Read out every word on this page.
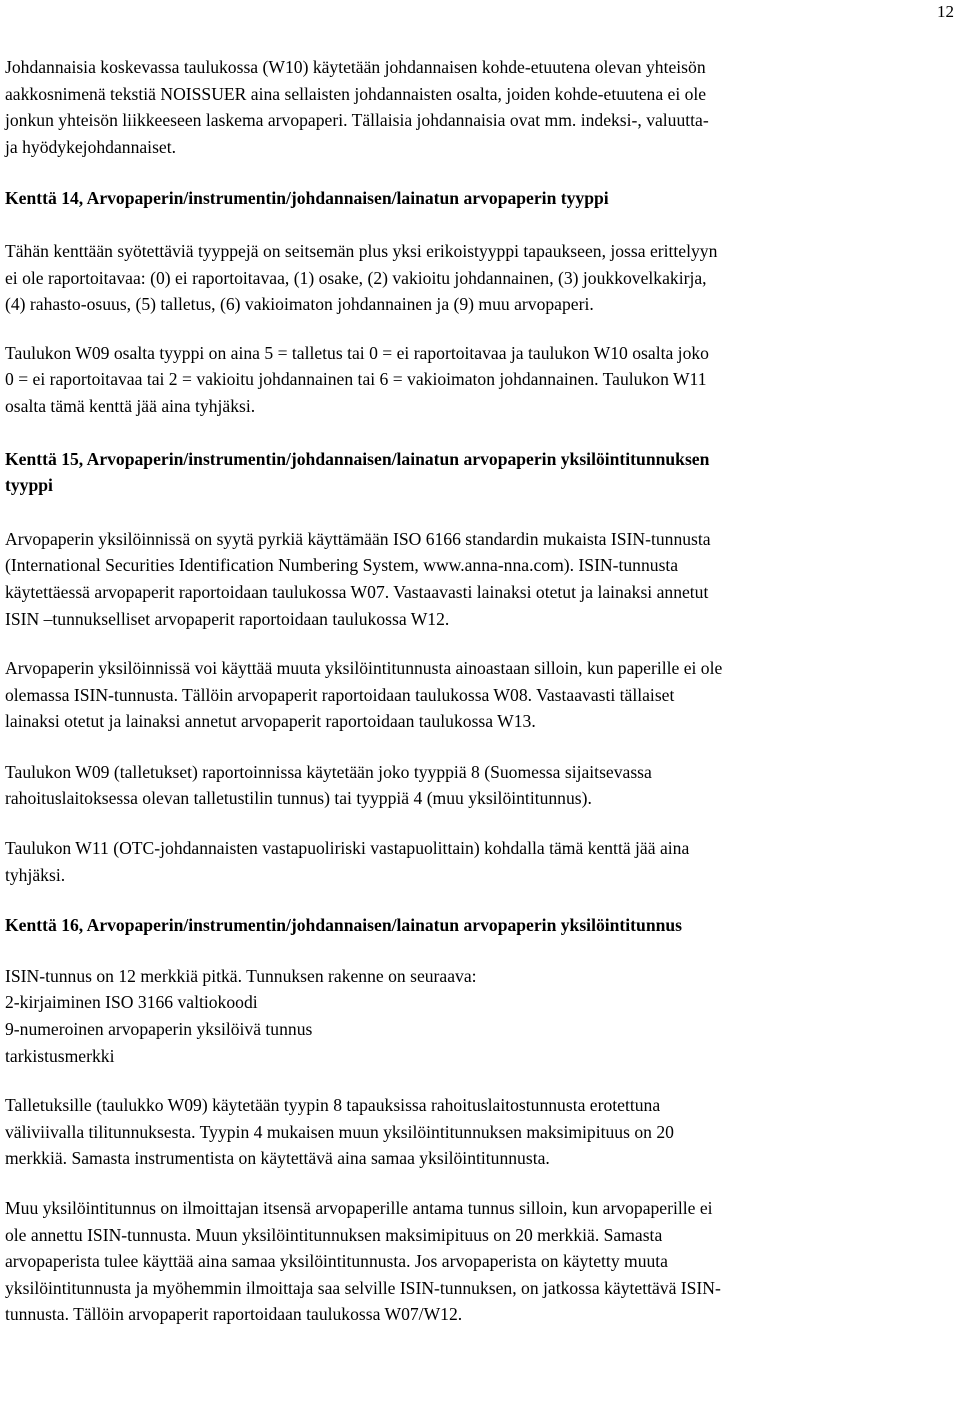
12
Johdannaisia koskevassa taulukossa (W10) käytetään johdannaisen kohde-etuutena olevan yhteisön
aakkosnimenä tekstiä NOISSUER aina sellaisten johdannaisten osalta, joiden kohde-etuutena ei ole
jonkun yhteisön liikkeeseen laskema arvopaperi. Tällaisia johdannaisia ovat mm. indeksi-, valuutta-
ja hyödykejohdannaiset.
Kenttä 14, Arvopaperin/instrumentin/johdannaisen/lainatun arvopaperin tyyppi
Tähän kenttään syötettäviä tyyppejä on seitsemän plus yksi erikoistyyppi tapaukseen, jossa erittelyyn
ei ole raportoitavaa: (0) ei raportoitavaa, (1) osake, (2) vakioitu johdannainen, (3) joukkovelkakirja,
(4) rahasto-osuus, (5) talletus, (6) vakioimaton johdannainen ja (9) muu arvopaperi.
Taulukon W09 osalta tyyppi on aina 5 = talletus tai 0 = ei raportoitavaa ja taulukon W10 osalta joko
0 = ei raportoitavaa tai 2 = vakioitu johdannainen tai 6 = vakioimaton johdannainen. Taulukon W11
osalta tämä kenttä jää aina tyhjäksi.
Kenttä 15, Arvopaperin/instrumentin/johdannaisen/lainatun arvopaperin yksilöintitunnuksen
tyyppi
Arvopaperin yksilöinnissä on syytä pyrkiä käyttämään ISO 6166 standardin mukaista ISIN-tunnusta
(International Securities Identification Numbering System, www.anna-nna.com). ISIN-tunnusta
käytettäessä arvopaperit raportoidaan taulukossa W07. Vastaavasti lainaksi otetut ja lainaksi annetut
ISIN –tunnukselliset arvopaperit raportoidaan taulukossa W12.
Arvopaperin yksilöinnissä voi käyttää muuta yksilöintitunnusta ainoastaan silloin, kun paperille ei ole
olemassa ISIN-tunnusta. Tällöin arvopaperit raportoidaan taulukossa W08. Vastaavasti tällaiset
lainaksi otetut ja lainaksi annetut arvopaperit raportoidaan taulukossa W13.
Taulukon W09 (talletukset) raportoinnissa käytetään joko tyyppiä 8 (Suomessa sijaitsevassa
rahoituslaitoksessa olevan talletustilin tunnus) tai tyyppiä 4 (muu yksilöintitunnus).
Taulukon W11 (OTC-johdannaisten vastapuoliriski vastapuolittain) kohdalla tämä kenttä jää aina
tyhjäksi.
Kenttä 16, Arvopaperin/instrumentin/johdannaisen/lainatun arvopaperin yksilöintitunnus
ISIN-tunnus on 12 merkkiä pitkä. Tunnuksen rakenne on seuraava:
2-kirjaiminen ISO 3166 valtiokoodi
9-numeroinen arvopaperin yksilöivä tunnus
tarkistusmerkki
Talletuksille (taulukko W09) käytetään tyypin 8 tapauksissa rahoituslaitostunnusta erotettuna
väliviivalla tilitunnuksesta. Tyypin 4 mukaisen muun yksilöintitunnuksen maksimipituus on 20
merkkiä. Samasta instrumentista on käytettävä aina samaa yksilöintitunnusta.
Muu yksilöintitunnus on ilmoittajan itsensä arvopaperille antama tunnus silloin, kun arvopaperille ei
ole annettu ISIN-tunnusta. Muun yksilöintitunnuksen maksimipituus on 20 merkkiä. Samasta
arvopaperista tulee käyttää aina samaa yksilöintitunnusta. Jos arvopaperista on käytetty muuta
yksilöintitunnusta ja myöhemmin ilmoittaja saa selville ISIN-tunnuksen, on jatkossa käytettävä ISIN-
tunnusta. Tällöin arvopaperit raportoidaan taulukossa W07/W12.
